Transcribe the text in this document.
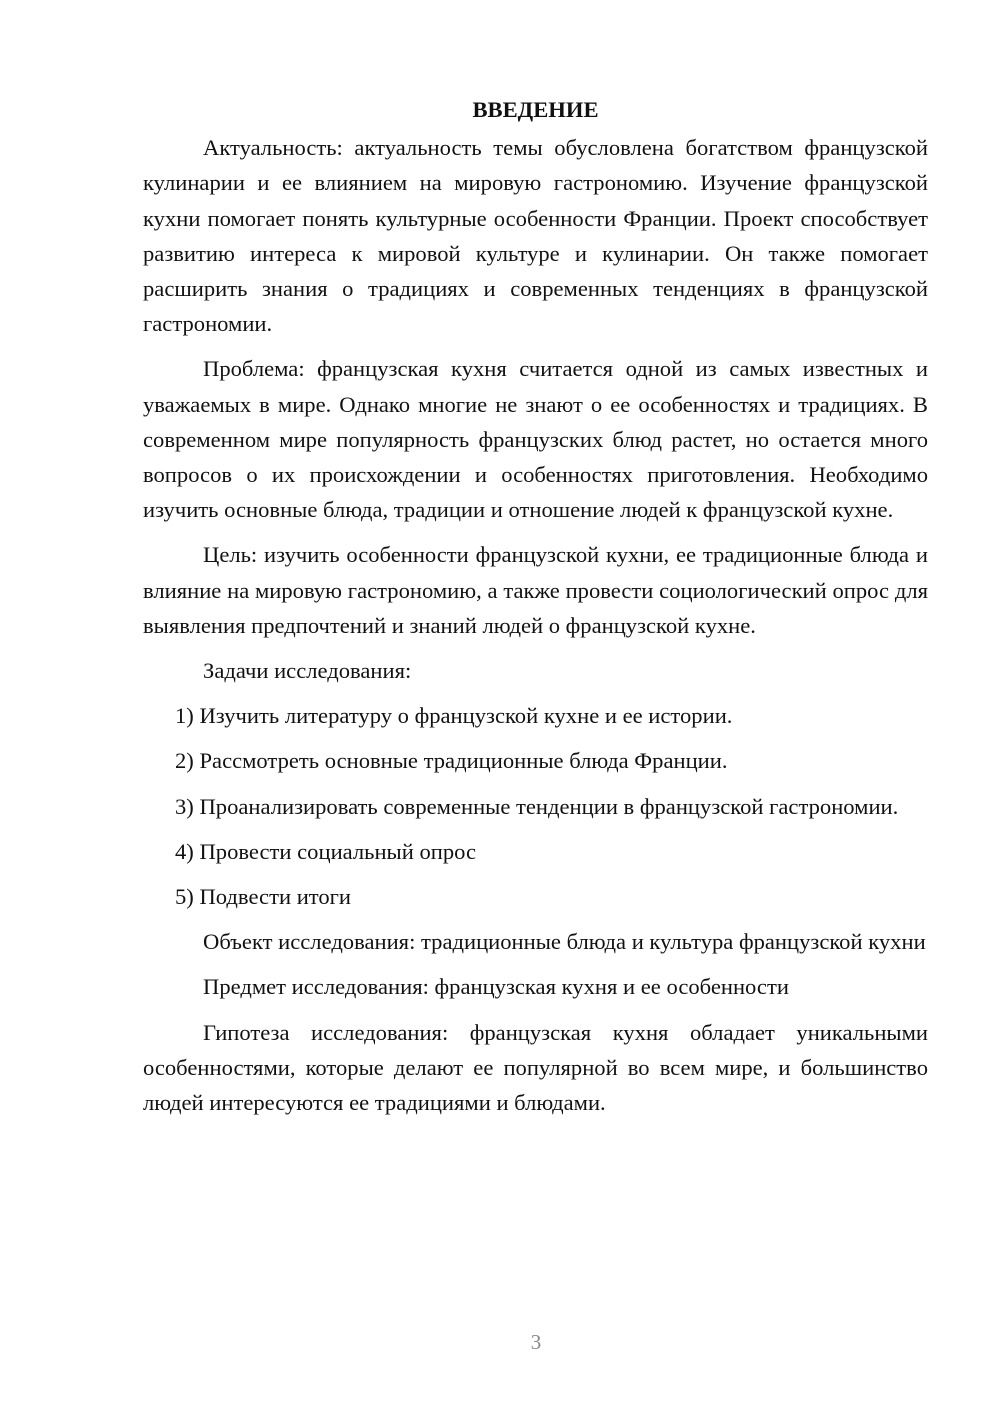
ВВЕДЕНИЕ

Актуальность: актуальность темы обусловлена богатством французской кулинарии и ее влиянием на мировую гастрономию. Изучение французской кухни помогает понять культурные особенности Франции. Проект способствует развитию интереса к мировой культуре и кулинарии. Он также помогает расширить знания о традициях и современных тенденциях в французской гастрономии.

Проблема: французская кухня считается одной из самых известных и уважаемых в мире. Однако многие не знают о ее особенностях и традициях. В современном мире популярность французских блюд растет, но остается много вопросов о их происхождении и особенностях приготовления. Необходимо изучить основные блюда, традиции и отношение людей к французской кухне.

Цель: изучить особенности французской кухни, ее традиционные блюда и влияние на мировую гастрономию, а также провести социологический опрос для выявления предпочтений и знаний людей о французской кухне.

Задачи исследования:

1) Изучить литературу о французской кухне и ее истории.

2) Рассмотреть основные традиционные блюда Франции.

3) Проанализировать современные тенденции в французской гастрономии.

4) Провести социальный опрос

5) Подвести итоги

Объект исследования: традиционные блюда и культура французской кухни

Предмет исследования: французская кухня и ее особенности

Гипотеза исследования: французская кухня обладает уникальными особенностями, которые делают ее популярной во всем мире, и большинство людей интересуются ее традициями и блюдами.

3
